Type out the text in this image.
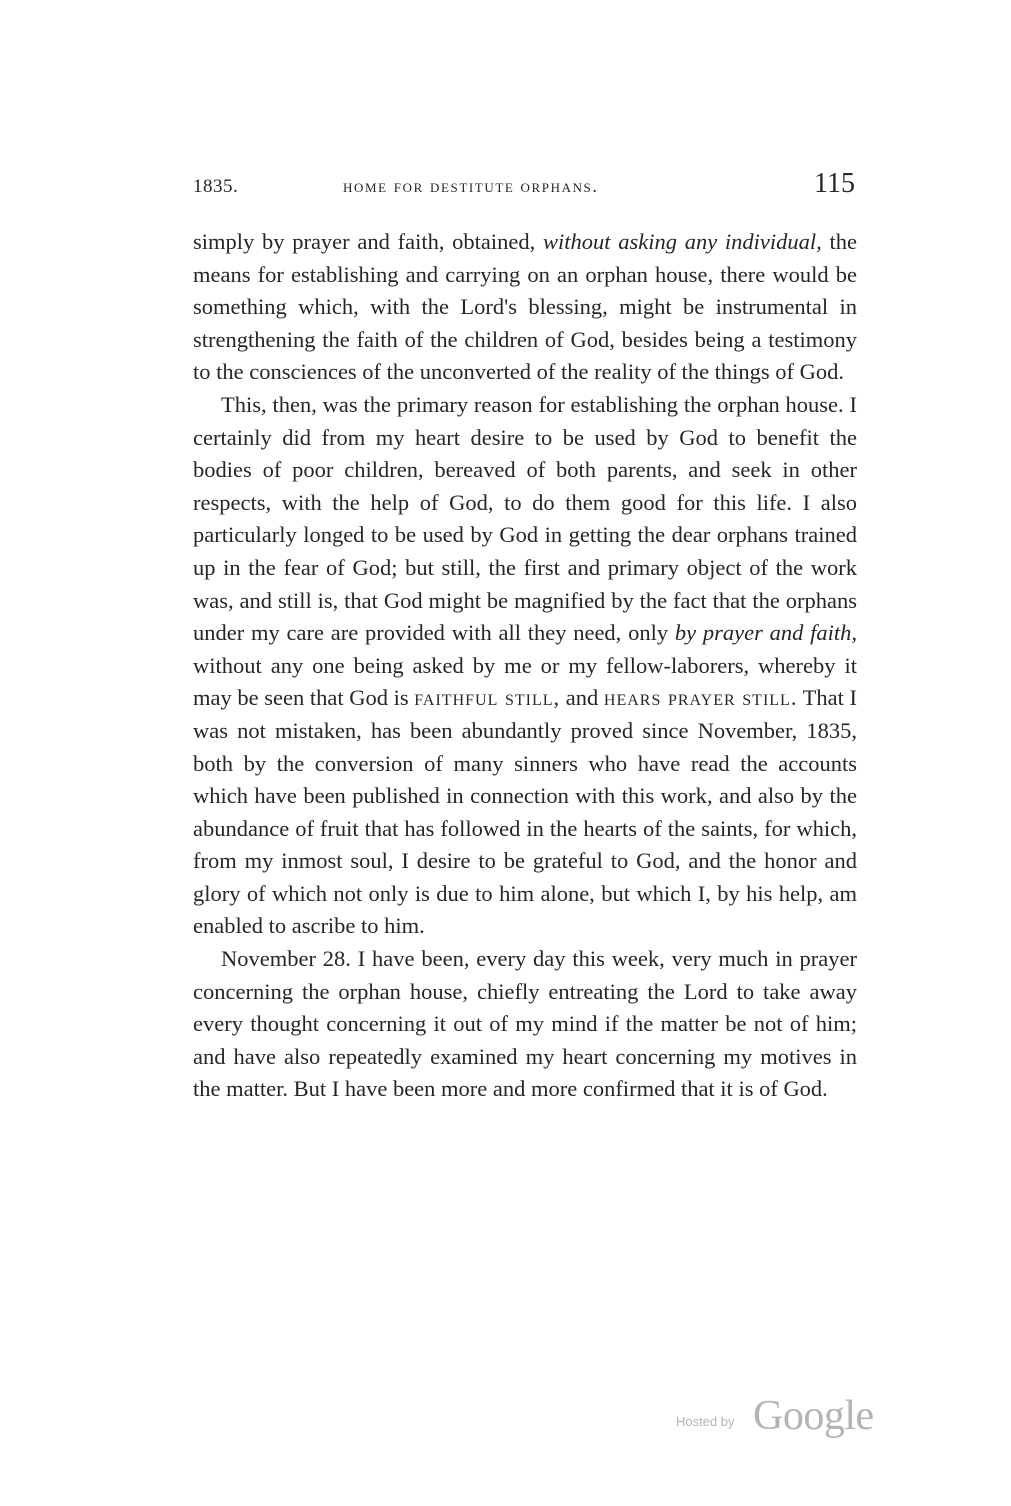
1835.	home for destitute orphans.	115

simply by prayer and faith, obtained, without asking any individual, the means for establishing and carrying on an orphan house, there would be something which, with the Lord's blessing, might be instrumental in strengthening the faith of the children of God, besides being a testimony to the consciences of the unconverted of the reality of the things of God.

This, then, was the primary reason for establishing the orphan house. I certainly did from my heart desire to be used by God to benefit the bodies of poor children, bereaved of both parents, and seek in other respects, with the help of God, to do them good for this life. I also particularly longed to be used by God in getting the dear orphans trained up in the fear of God; but still, the first and primary object of the work was, and still is, that God might be magnified by the fact that the orphans under my care are provided with all they need, only by prayer and faith, without any one being asked by me or my fellow-laborers, whereby it may be seen that God is faithful still, and hears prayer still. That I was not mistaken, has been abundantly proved since November, 1835, both by the conversion of many sinners who have read the accounts which have been published in connection with this work, and also by the abundance of fruit that has followed in the hearts of the saints, for which, from my inmost soul, I desire to be grateful to God, and the honor and glory of which not only is due to him alone, but which I, by his help, am enabled to ascribe to him.

November 28. I have been, every day this week, very much in prayer concerning the orphan house, chiefly entreating the Lord to take away every thought concerning it out of my mind if the matter be not of him; and have also repeatedly examined my heart concerning my motives in the matter. But I have been more and more confirmed that it is of God.

Hosted by Google
